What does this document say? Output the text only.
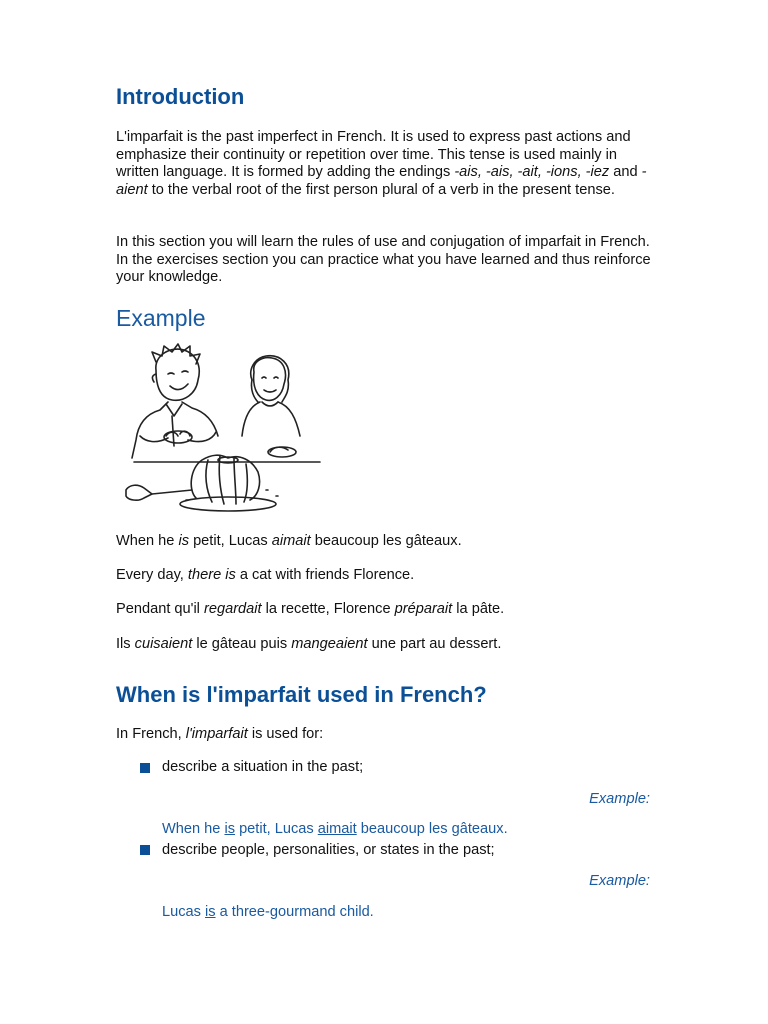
Introduction

L'imparfait is the past imperfect in French. It is used to express past actions and emphasize their continuity or repetition over time. This tense is used mainly in written language. It is formed by adding the endings -ais, -ais, -ait, -ions, -iez and -aient to the verbal root of the first person plural of a verb in the present tense.

In this section you will learn the rules of use and conjugation of imparfait in French. In the exercises section you can practice what you have learned and thus reinforce your knowledge.

Example

When he is petit, Lucas aimait beaucoup les gâteaux.

Every day, there is a cat with friends Florence.

Pendant qu'il regardait la recette, Florence préparait la pâte.

Ils cuisaient le gâteau puis mangeaient une part au dessert.

When is l'imparfait used in French?

In French, l'imparfait is used for:

describe a situation in the past;

Example:
When he is petit, Lucas aimait beaucoup les gâteaux.

describe people, personalities, or states in the past;

Example:
Lucas is a three-gourmand child.
